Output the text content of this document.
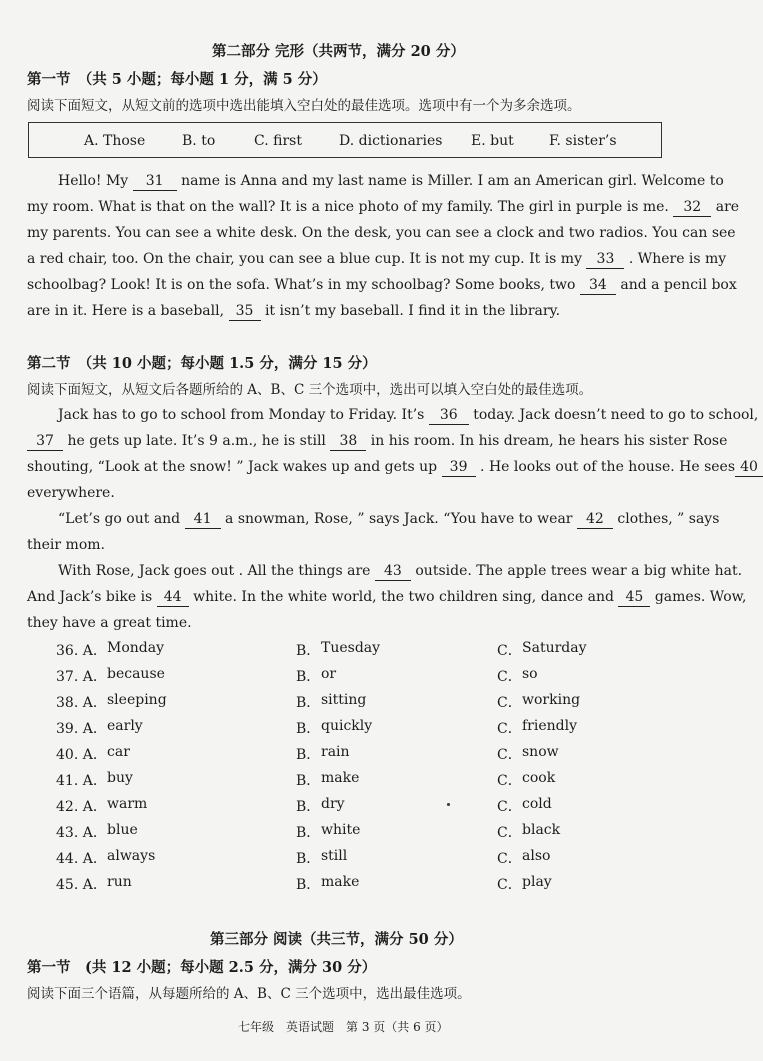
第二部分 完形（共两节，满分 20 分）
第一节　（共 5 小题；每小题 1 分，满 5 分）
阅读下面短文，从短文前的选项中选出能填入空白处的最佳选项。选项中有一个为多余选项。
A. Those	B. to	C. first	D. dictionaries E. but	F. sister’s
Hello! My 31 name is Anna and my last name is Miller. I am an American girl. Welcome to
my room. What is that on the wall? It is a nice photo of my family. The girl in purple is me. 32 are
my parents. You can see a white desk. On the desk, you can see a clock and two radios. You can see
a red chair, too. On the chair, you can see a blue cup. It is not my cup. It is my 33 . Where is my
schoolbag? Look! It is on the sofa. What’s in my schoolbag? Some books, two 34 and a pencil box
are in it. Here is a baseball, 35 it isn’t my baseball. I find it in the library.
第二节　（共 10 小题；每小题 1.5 分，满分 15 分）
阅读下面短文，从短文后各题所给的 A、B、C 三个选项中，选出可以填入空白处的最佳选项。
Jack has to go to school from Monday to Friday. It’s 36 today. Jack doesn’t need to go to school,
37 he gets up late. It’s 9 a.m., he is still 38 in his room. In his dream, he hears his sister Rose
shouting, “Look at the snow! ” Jack wakes up and gets up 39 . He looks out of the house. He sees 40
everywhere.
“Let’s go out and 41 a snowman, Rose, ” says Jack. “You have to wear 42 clothes, ” says
their mom.
With Rose, Jack goes out . All the things are 43 outside. The apple trees wear a big white hat.
And Jack’s bike is 44 white. In the white world, the two children sing, dance and 45 games. Wow,
they have a great time.
36. A． Monday	B． Tuesday	C． Saturday
37. A． because	B． or	C． so
38. A． sleeping	B． sitting	C． working
39. A． early	B． quickly	C． friendly
40. A． car	B． rain	C． snow
41. A． buy	B． make	C． cook
42. A． warm	B． dry	C． cold
43. A． blue	B． white	C． black
44. A． always	B． still	C． also
45. A． run	B． make	C． play
第三部分 阅读（共三节，满分 50 分）
第一节　(共 12 小题；每小题 2.5 分，满分 30 分）
阅读下面三个语篇，从每题所给的 A、B、C 三个选项中，选出最佳选项。
七年级　英语试题　第 3 页（共 6 页）
